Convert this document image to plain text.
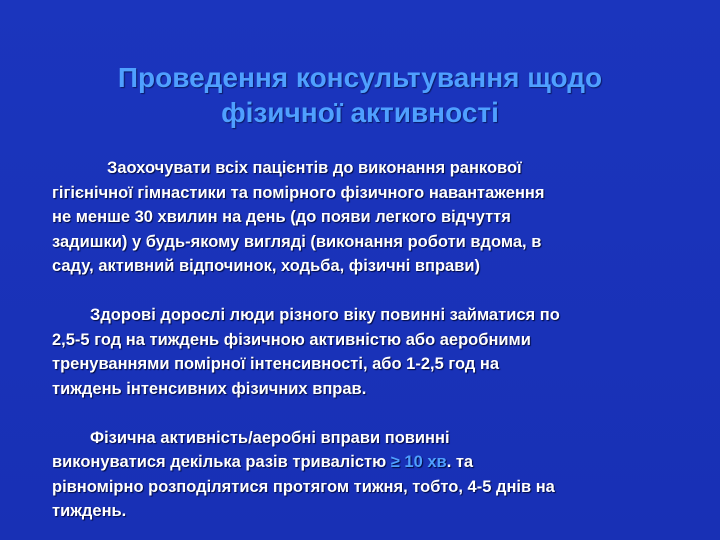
Проведення консультування щодо
фізичної активності

Заохочувати всіх пацієнтів до виконання ранкової
гігієнічної гімнастики та помірного фізичного навантаження
не менше 30 хвилин на день (до появи легкого відчуття
задишки) у будь-якому вигляді (виконання роботи вдома, в
саду, активний відпочинок, ходьба, фізичні вправи)

Здорові дорослі люди різного віку повинні займатися по
2,5-5 год на тиждень фізичною активністю або аеробними
тренуваннями помірної інтенсивності, або 1-2,5 год на
тиждень інтенсивних фізичних вправ.

Фізична активність/аеробні вправи повинні
виконуватися декілька разів тривалістю ≥ 10 хв. та
рівномірно розподілятися протягом тижня, тобто, 4-5 днів на
тиждень.
